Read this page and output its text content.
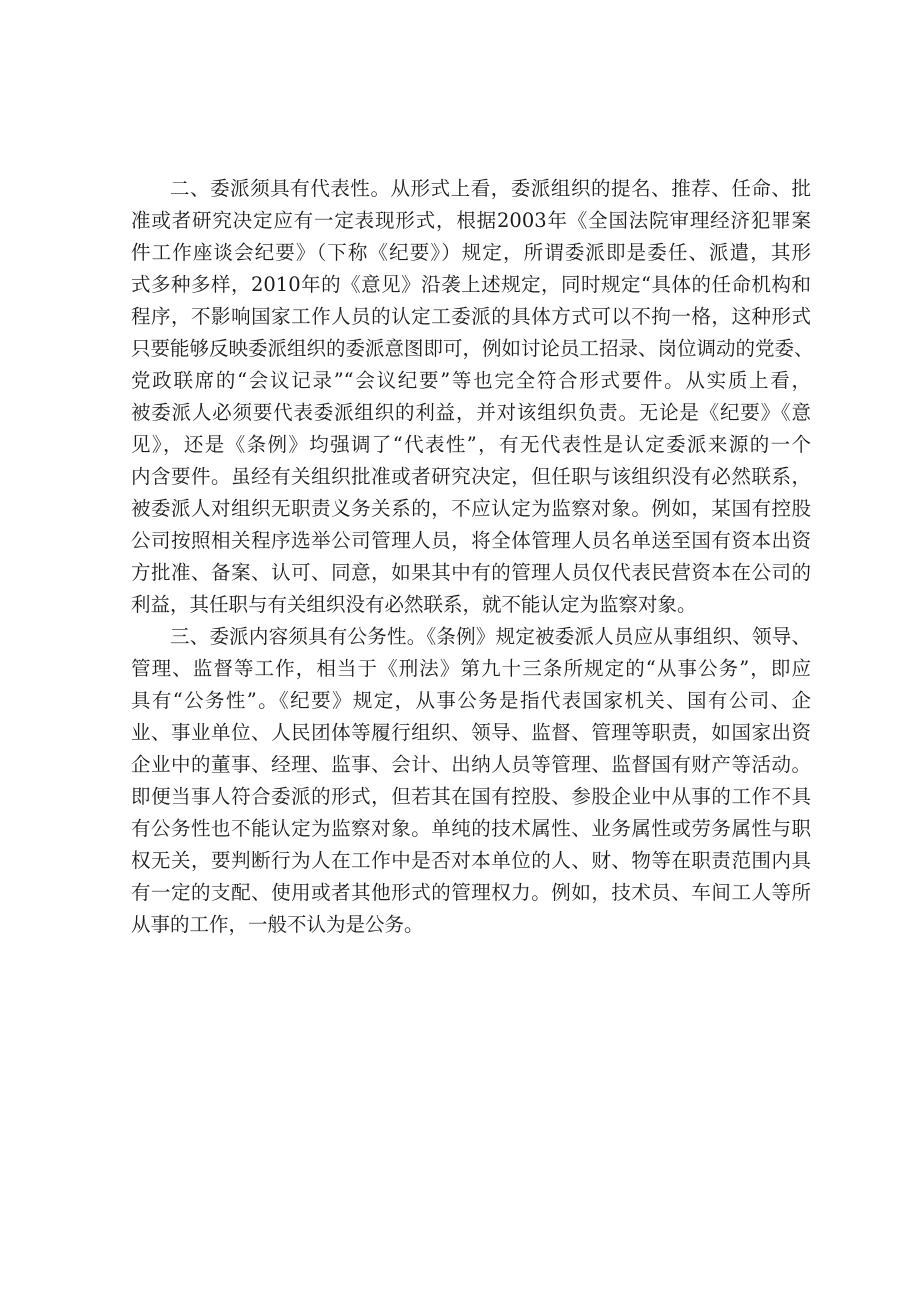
二、委派须具有代表性。从形式上看，委派组织的提名、推荐、任命、批
准或者研究决定应有一定表现形式，根据2003年《全国法院审理经济犯罪案
件工作座谈会纪要》（下称《纪要》）规定，所谓委派即是委任、派遣，其形
式多种多样，2010年的《意见》沿袭上述规定，同时规定“具体的任命机构和
程序，不影响国家工作人员的认定工委派的具体方式可以不拘一格，这种形式
只要能够反映委派组织的委派意图即可，例如讨论员工招录、岗位调动的党委、
党政联席的“会议记录”“会议纪要”等也完全符合形式要件。从实质上看，
被委派人必须要代表委派组织的利益，并对该组织负责。无论是《纪要》《意
见》，还是《条例》均强调了“代表性”，有无代表性是认定委派来源的一个
内含要件。虽经有关组织批准或者研究决定，但任职与该组织没有必然联系，
被委派人对组织无职责义务关系的，不应认定为监察对象。例如，某国有控股
公司按照相关程序选举公司管理人员，将全体管理人员名单送至国有资本出资
方批准、备案、认可、同意，如果其中有的管理人员仅代表民营资本在公司的
利益，其任职与有关组织没有必然联系，就不能认定为监察对象。
三、委派内容须具有公务性。《条例》规定被委派人员应从事组织、领导、
管理、监督等工作，相当于《刑法》第九十三条所规定的“从事公务”，即应
具有“公务性”。《纪要》规定，从事公务是指代表国家机关、国有公司、企
业、事业单位、人民团体等履行组织、领导、监督、管理等职责，如国家出资
企业中的董事、经理、监事、会计、出纳人员等管理、监督国有财产等活动。
即便当事人符合委派的形式，但若其在国有控股、参股企业中从事的工作不具
有公务性也不能认定为监察对象。单纯的技术属性、业务属性或劳务属性与职
权无关，要判断行为人在工作中是否对本单位的人、财、物等在职责范围内具
有一定的支配、使用或者其他形式的管理权力。例如，技术员、车间工人等所
从事的工作，一般不认为是公务。
